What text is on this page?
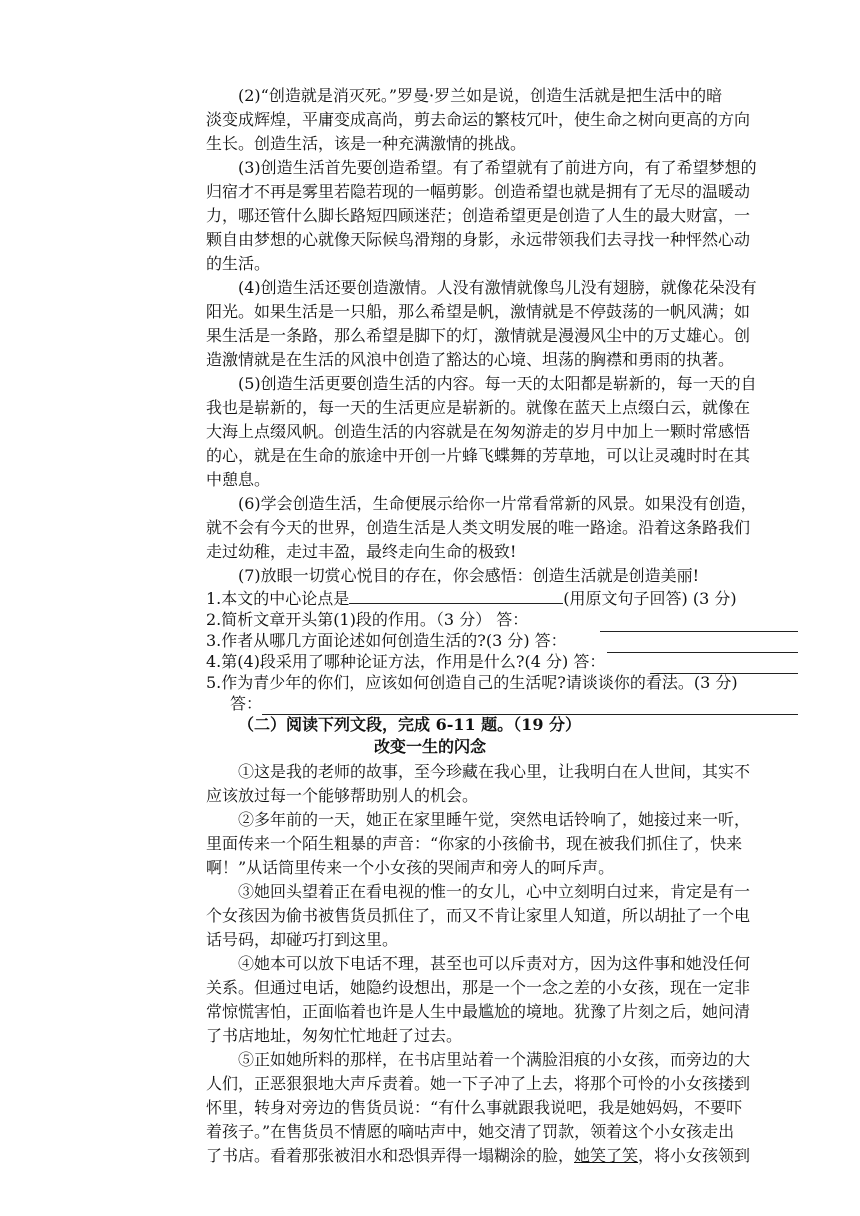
(2)“创造就是消灭死。”罗曼·罗兰如是说，创造生活就是把生活中的暗
淡变成辉煌，平庸变成高尚，剪去命运的繁枝冗叶，使生命之树向更高的方向
生长。创造生活，该是一种充满激情的挑战。
(3)创造生活首先要创造希望。有了希望就有了前进方向，有了希望梦想的
归宿才不再是雾里若隐若现的一幅剪影。创造希望也就是拥有了无尽的温暖动
力，哪还管什么脚长路短四顾迷茫；创造希望更是创造了人生的最大财富，一
颗自由梦想的心就像天际候鸟滑翔的身影，永远带领我们去寻找一种怦然心动
的生活。
(4)创造生活还要创造激情。人没有激情就像鸟儿没有翅膀，就像花朵没有
阳光。如果生活是一只船，那么希望是帆，激情就是不停鼓荡的一帆风满；如
果生活是一条路，那么希望是脚下的灯，激情就是漫漫风尘中的万丈雄心。创
造激情就是在生活的风浪中创造了豁达的心境、坦荡的胸襟和勇雨的执著。
(5)创造生活更要创造生活的内容。每一天的太阳都是崭新的，每一天的自
我也是崭新的，每一天的生活更应是崭新的。就像在蓝天上点缀白云，就像在
大海上点缀风帆。创造生活的内容就是在匆匆游走的岁月中加上一颗时常感悟
的心，就是在生命的旅途中开创一片蜂飞蝶舞的芳草地，可以让灵魂时时在其
中憩息。
(6)学会创造生活，生命便展示给你一片常看常新的风景。如果没有创造，
就不会有今天的世界，创造生活是人类文明发展的唯一路途。沿着这条路我们
走过幼稚，走过丰盈，最终走向生命的极致!
(7)放眼一切赏心悦目的存在，你会感悟：创造生活就是创造美丽!
1.本文的中心论点是	(用原文句子回答) (3 分)
2.简析文章开头第(1)段的作用。（3 分） 答：
3.作者从哪几方面论述如何创造生活的?(3 分) 答：
4.第(4)段采用了哪种论证方法，作用是什么?(4 分) 答：
5.作为青少年的你们，应该如何创造自己的生活呢?请谈谈你的看法。(3 分)
答：
（二）阅读下列文段，完成 6-11 题。（19 分）
改变一生的闪念
①这是我的老师的故事，至今珍藏在我心里，让我明白在人世间，其实不
应该放过每一个能够帮助别人的机会。
②多年前的一天，她正在家里睡午觉，突然电话铃响了，她接过来一听，
里面传来一个陌生粗暴的声音：“你家的小孩偷书，现在被我们抓住了，快来
啊！”从话筒里传来一个小女孩的哭闹声和旁人的呵斥声。
③她回头望着正在看电视的惟一的女儿，心中立刻明白过来，肯定是有一
个女孩因为偷书被售货员抓住了，而又不肯让家里人知道，所以胡扯了一个电
话号码，却碰巧打到这里。
④她本可以放下电话不理，甚至也可以斥责对方，因为这件事和她没任何
关系。但通过电话，她隐约设想出，那是一个一念之差的小女孩，现在一定非
常惊慌害怕，正面临着也许是人生中最尴尬的境地。犹豫了片刻之后，她问清
了书店地址，匆匆忙忙地赶了过去。
⑤正如她所料的那样，在书店里站着一个满脸泪痕的小女孩，而旁边的大
人们，正恶狠狠地大声斥责着。她一下子冲了上去，将那个可怜的小女孩搂到
怀里，转身对旁边的售货员说：“有什么事就跟我说吧，我是她妈妈，不要吓
着孩子。”在售货员不情愿的嘀咕声中，她交清了罚款，领着这个小女孩走出
了书店。看着那张被泪水和恐惧弄得一塌糊涂的脸，她笑了笑，将小女孩领到
